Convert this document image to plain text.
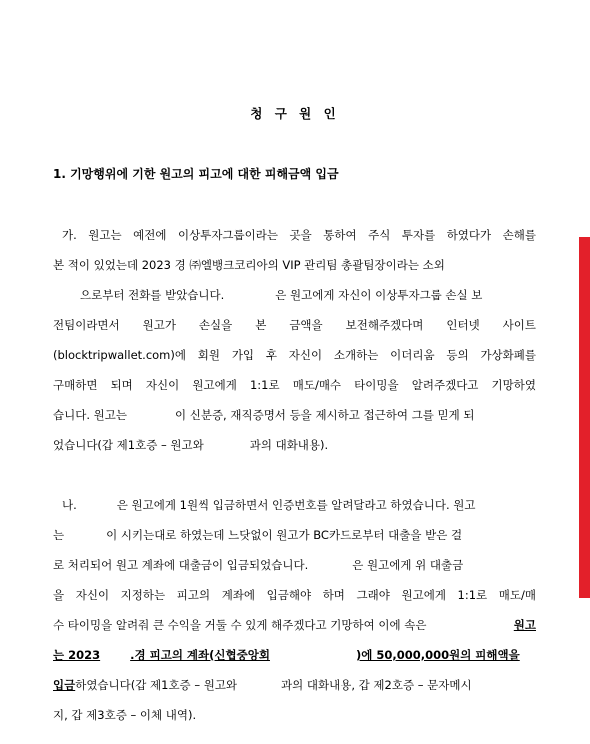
청 구 원 인
1. 기망행위에 기한 원고의 피고에 대한 피해금액 입금
가. 원고는 예전에 이상투자그룹이라는 곳을 통하여 주식 투자를 하였다가 손해를
본 적이 있었는데 2023 경 ㈜엘뱅크코리아의 VIP 관리팀 총괄팀장이라는 소외
으로부터 전화를 받았습니다.	은 원고에게 자신이 이상투자그룹 손실 보
전팀이라면서 원고가 손실을 본 금액을 보전해주겠다며 인터넷 사이트
(blocktripwallet.com)에 회원 가입 후 자신이 소개하는 이더리움 등의 가상화폐를
구매하면 되며 자신이 원고에게 1:1로 매도/매수 타이밍을 알려주겠다고 기망하였
습니다. 원고는	이 신분증, 재직증명서 등을 제시하고 접근하여 그를 믿게 되
었습니다(갑 제1호증 – 원고와	과의 대화내용).
나.	은 원고에게 1원씩 입금하면서 인증번호를 알려달라고 하였습니다. 원고
는	이 시키는대로 하였는데 느닷없이 원고가 BC카드로부터 대출을 받은 걸
로 처리되어 원고 계좌에 대출금이 입금되었습니다.	은 원고에게 위 대출금
을 자신이 지정하는 피고의 계좌에 입금해야 하며 그래야 원고에게 1:1로 매도/매
수 타이밍을 알려줘 큰 수익을 거둘 수 있게 해주겠다고 기망하여 이에 속은	원고
는 2023	.경 피고의 계좌(신협중앙회	)에 50,000,000원의 피해액을
입금하였습니다(갑 제1호증 – 원고와	과의 대화내용, 갑 제2호증 – 문자메시
지, 갑 제3호증 – 이체 내역).
